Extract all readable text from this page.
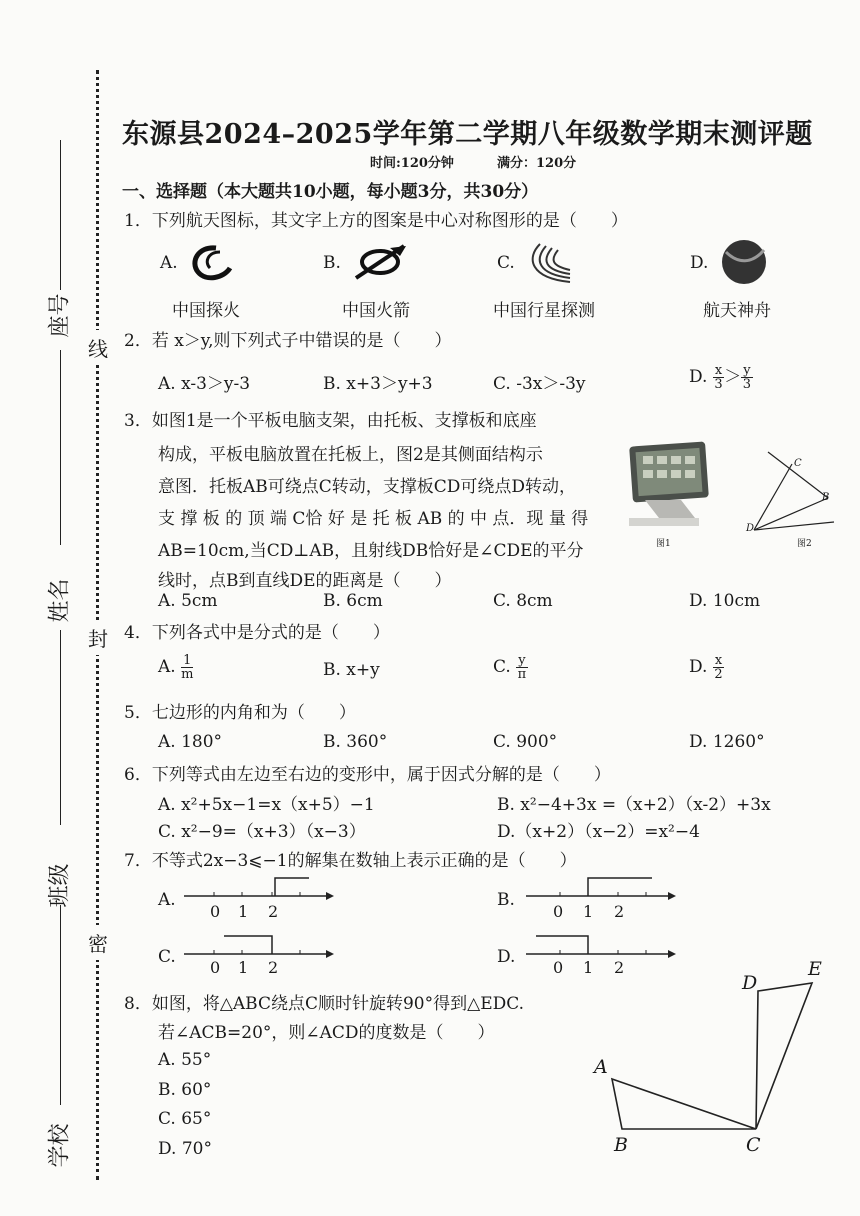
座号
姓名
班级
学校
线
封
密
东源县2024–2025学年第二学期八年级数学期末测评题
时间:120分钟	满分：120分
一、选择题（本大题共10小题，每小题3分，共30分）
1．下列航天图标，其文字上方的图案是中心对称图形的是（　　）
A.	B.	C.	D.
中国探火	中国火箭	中国行星探测	航天神舟
2．若 x＞y,则下列式子中错误的是（　　）
A. x-3＞y-3	B. x+3＞y+3	C. -3x＞-3y	D. $\frac{x}{3} > \frac{y}{3}$
3．如图1是一个平板电脑支架，由托板、支撑板和底座
构成，平板电脑放置在托板上，图2是其侧面结构示
意图．托板AB可绕点C转动，支撑板CD可绕点D转动，
支 撑 板 的 顶 端 C恰 好 是 托 板 AB 的 中 点．现 量 得
AB=10cm,当CD⊥AB，且射线DB恰好是∠CDE的平分
线时，点B到直线DE的距离是（　　）
图1
C
B
D
图2
A. 5cm	B. 6cm	C. 8cm	D. 10cm
4．下列各式中是分式的是（　　）
A. $\frac{1}{m}$	B. x+y	C. $\frac{y}{\pi}$	D. $\frac{x}{2}$
5．七边形的内角和为（　　）
A. 180°	B. 360°	C. 900°	D. 1260°
6．下列等式由左边至右边的变形中，属于因式分解的是（　　）
A. x²+5x−1=x（x+5）−1	B. x²−4+3x =（x+2）（x-2）+3x
C. x²−9=（x+3）（x−3）	D.（x+2）（x−2）=x²−4
7．不等式2x−3⩽−1的解集在数轴上表示正确的是（　　）
A.
0 1 2
B.
0 1 2
C.
0 1 2
D.
0 1 2
8．如图，将△ABC绕点C顺时针旋转90°得到△EDC.
若∠ACB=20°，则∠ACD的度数是（　　）
A. 55°
B. 60°
C. 65°
D. 70°
D
E
A
B	C
